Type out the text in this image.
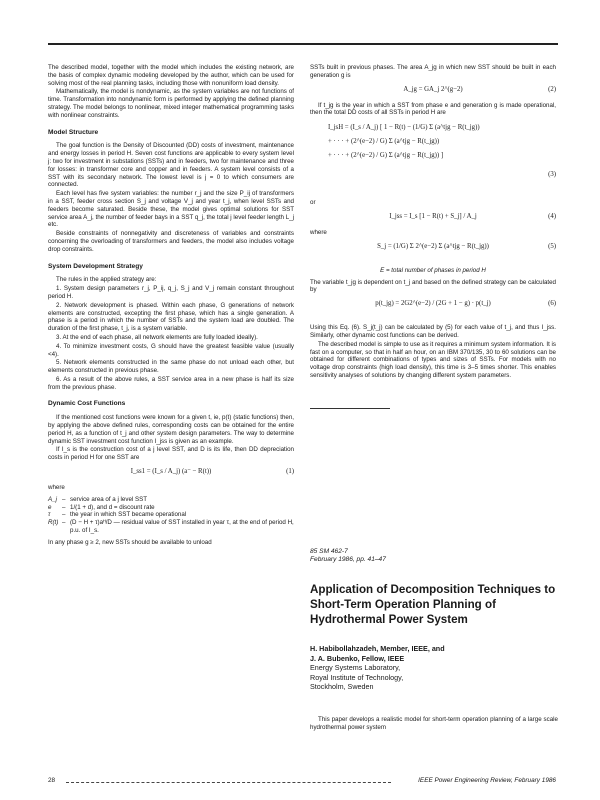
The described model, together with the model which includes the existing network, are the basis of complex dynamic modeling developed by the author, which can be used for solving most of the real planning tasks, including those with nonuniform load density.

Mathematically, the model is nondynamic, as the system variables are not functions of time. Transformation into nondynamic form is performed by applying the defined planning strategy. The model belongs to nonlinear, mixed integer mathematical programming tasks with nonlinear constraints.

Model Structure

The goal function is the Density of Discounted (DD) costs of investment, maintenance and energy losses in period H. Seven cost functions are applicable to every system level j: two for investment in substations (SSTs) and in feeders, two for maintenance and three for losses: in transformer core and copper and in feeders. A system level consists of a SST with its secondary network. The lowest level is j = 0 to which consumers are connected.

Each level has five system variables: the number r_j and the size P_ij of transformers in a SST, feeder cross section S_j and voltage V_j and year t_j, when level SSTs and feeders become saturated. Beside these, the model gives optimal solutions for SST service area A_j, the number of feeder bays in a SST q_j, the total j level feeder length L_j etc.

Beside constraints of nonnegativity and discreteness of variables and constraints concerning the overloading of transformers and feeders, the model also includes voltage drop constraints.

System Development Strategy

The rules in the applied strategy are:

1. System design parameters r_j, P_ij, q_j, S_j and V_j remain constant throughout period H.

2. Network development is phased. Within each phase, G generations of network elements are constructed, excepting the first phase, which has a single generation. A phase is a period in which the number of SSTs and the system load are doubled. The duration of the first phase, t_j, is a system variable.

3. At the end of each phase, all network elements are fully loaded ideally).

4. To minimize investment costs, G should have the greatest feasible value (usually <4).

5. Network elements constructed in the same phase do not unload each other, but elements constructed in previous phase.

6. As a result of the above rules, a SST service area in a new phase is half its size from the previous phase.

Dynamic Cost Functions

If the mentioned cost functions were known for a given t, ie, p(t) (static functions) then, by applying the above defined rules, corresponding costs can be obtained for the entire period H, as a function of t_j and other system design parameters. The way to determine dynamic SST investment cost function I_jss is given as an example.

If I_s is the construction cost of a j level SST, and D is its life, then DD depreciation costs in period H for one SST are

I_ss1 = (I_s / A_j) (a⁻ − R(t))	(1)
where
A_j – service area of a j level SST
e	– 1/(1 + d), and d = discount rate
τ	– the year in which SST became operational
R(t) – (D − H + τ)aᴴ/D — residual value of SST installed in year τ, at the end of period H, p.u. of I_s.

In any phase g ≥ 2, new SSTs should be available to unload

SSTs built in previous phases. The area A_jg in which new SST should be built in each generation g is

A_jg = GA_j 2^(g−2)	(2)

If t_jg is the year in which a SST from phase e and generation g is made operational, then the total DD costs of all SSTs in period H are

I_jsH = (I_s / A_j) [ 1 − R(t) − (1/G) Σ (a^tjg − R(t_jg))
+ · · · + (2^(e−2) / G) Σ (a^tjg − R(t_jg))
+ · · · + (2^(e−2) / G) Σ (a^tjg − R(t_jg)) ]
(3)
or
I_jss = I_s [1 − R(t) + S_j] / A_j	(4)
where
S_j = (1/G) Σ 2^(e−2) Σ (a^tjg − R(t_jg))	(5)

E = total number of phases in period H

The variable t_jg is dependent on t_j and based on the defined strategy can be calculated by

p(t_jg) = 2G2^(e−2) / (2G + 1 − g) · p(t_j)	(6)

Using this Eq. (6). S_j(t_j) can be calculated by (5) for each value of t_j, and thus I_jss. Similarly, other dynamic cost functions can be derived.

The described model is simple to use as it requires a minimum system information. It is fast on a computer, so that in half an hour, on an IBM 370/135, 30 to 60 solutions can be obtained for different combinations of types and sizes of SSTs. For models with no voltage drop constraints (high load density), this time is 3–5 times shorter. This enables sensitivity analyses of solutions by changing different system parameters.

85 SM 462-7
February 1986, pp. 41–47
Application of Decomposition Techniques to Short-Term Operation Planning of Hydrothermal Power System
H. Habibollahzadeh, Member, IEEE, and
J. A. Bubenko, Fellow, IEEE
Energy Systems Laboratory,
Royal Institute of Technology,
Stockholm, Sweden
This paper develops a realistic model for short-term operation planning of a large scale hydrothermal power system
28	IEEE Power Engineering Review, February 1986
